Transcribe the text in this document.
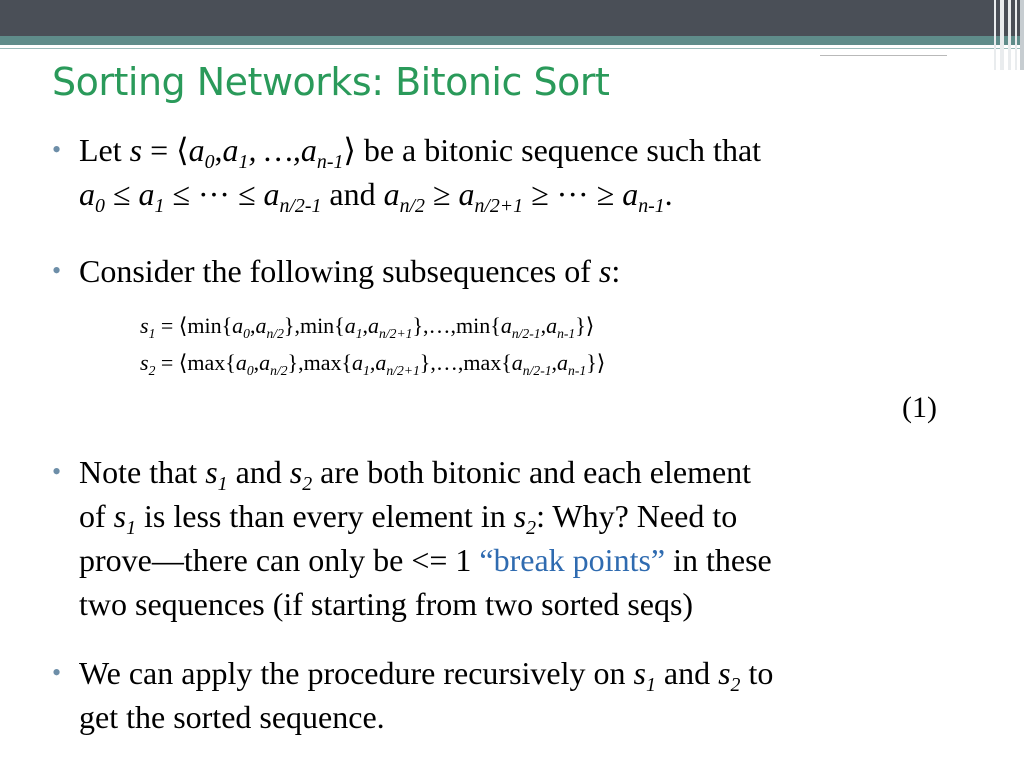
Sorting Networks: Bitonic Sort
• Let $s = ⟨a_0,a_1$, $\dots,a_{n-1}⟩$ be a bitonic sequence such that
$a_0 \le a_1$ ≤ ··· ≤ $a_{n/2-1}$ and $a_{n/2} \ge a_{n/2+1}$ ≥ ··· ≥ $a_{n-1}$.
• Consider the following subsequences of s:
$s_1$ = $⟨\min\{a_0,a_{n/2}\},\min\{a_1,a_{n/2+1}\},\dots,\min\{a_{n/2-1},a_{n-1}\}⟩$
$s_2$ = $⟨\max\{a_0,a_{n/2}\},\max\{a_1,a_{n/2+1}\},\dots,\max\{a_{n/2-1},a_{n-1}\}⟩$
(1)
• Note that $s_1$ and $s_2$ are both bitonic and each element
of $s_1$ is less than every element in $s_2$: Why? Need to
prove—there can only be <= 1 “break points” in these
two sequences (if starting from two sorted seqs)
• We can apply the procedure recursively on $s_1$ and $s_2$ to
get the sorted sequence.
